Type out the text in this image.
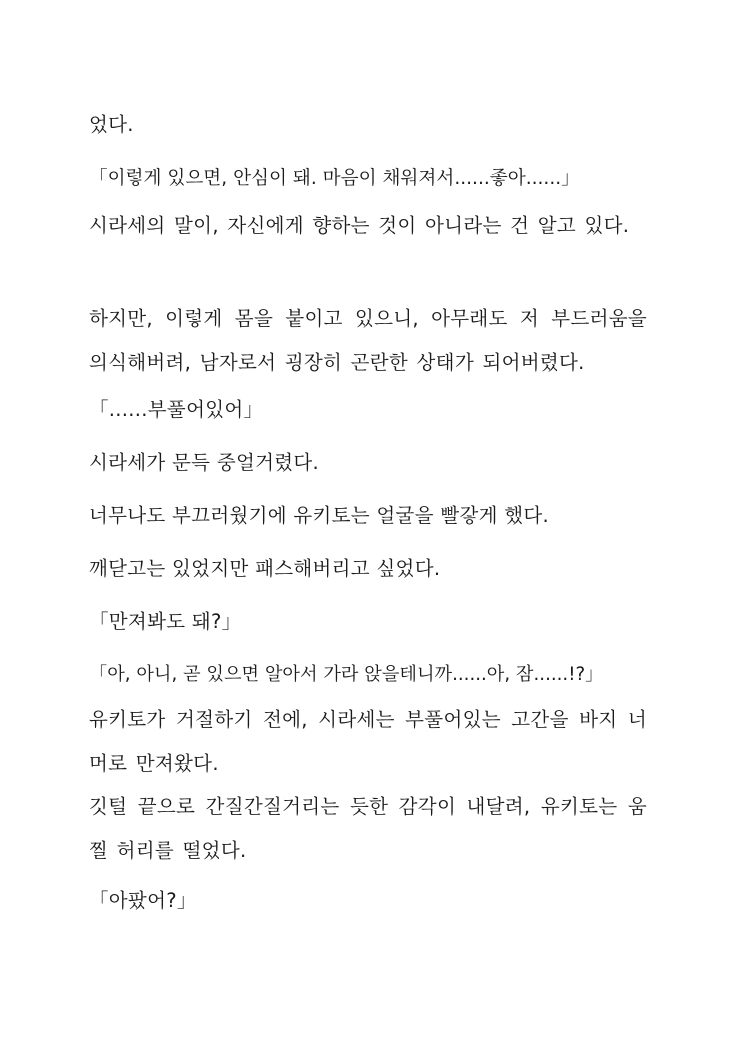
었다.

「이렇게 있으면, 안심이 돼. 마음이 채워져서......좋아......」

시라세의 말이, 자신에게 향하는 것이 아니라는 건 알고 있다.

하지만, 이렇게 몸을 붙이고 있으니, 아무래도 저 부드러움을 의식해버려, 남자로서 굉장히 곤란한 상태가 되어버렸다.

「......부풀어있어」

시라세가 문득 중얼거렸다.

너무나도 부끄러웠기에 유키토는 얼굴을 빨갛게 했다.

깨닫고는 있었지만 패스해버리고 싶었다.

「만져봐도 돼?」

「아, 아니, 곧 있으면 알아서 가라 앉을테니까......아, 잠......!?」

유키토가 거절하기 전에, 시라세는 부풀어있는 고간을 바지 너머로 만져왔다.

깃털 끝으로 간질간질거리는 듯한 감각이 내달려, 유키토는 움찔 허리를 떨었다.

「아팠어?」
